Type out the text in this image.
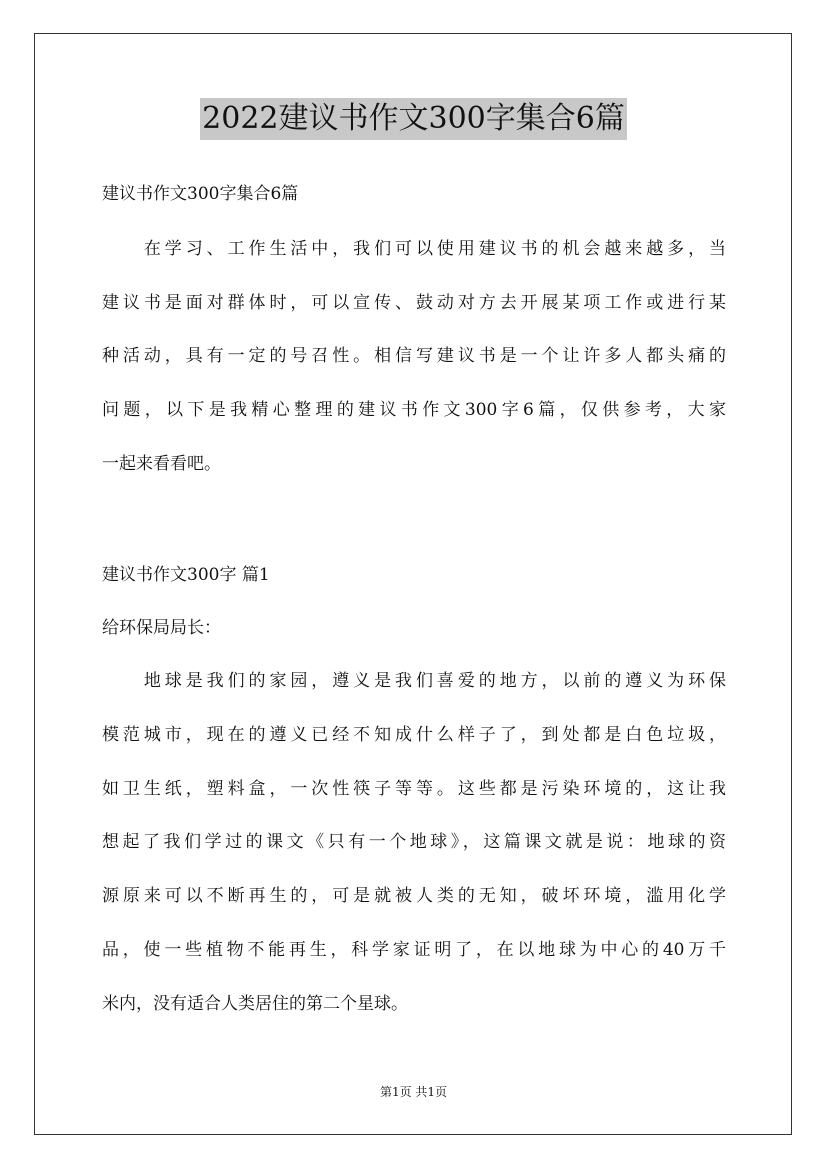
2022建议书作文300字集合6篇
建议书作文300字集合6篇
　　在学习、工作生活中，我们可以使用建议书的机会越来越多，当
建议书是面对群体时，可以宣传、鼓动对方去开展某项工作或进行某
种活动，具有一定的号召性。相信写建议书是一个让许多人都头痛的
问题，以下是我精心整理的建议书作文300字6篇，仅供参考，大家
一起来看看吧。
建议书作文300字 篇1
给环保局局长：
　　地球是我们的家园，遵义是我们喜爱的地方，以前的遵义为环保
模范城市，现在的遵义已经不知成什么样子了，到处都是白色垃圾，
如卫生纸，塑料盒，一次性筷子等等。这些都是污染环境的，这让我
想起了我们学过的课文《只有一个地球》，这篇课文就是说：地球的资
源原来可以不断再生的，可是就被人类的无知，破坏环境，滥用化学
品，使一些植物不能再生，科学家证明了，在以地球为中心的40万千
米内，没有适合人类居住的第二个星球。
第1页 共1页
